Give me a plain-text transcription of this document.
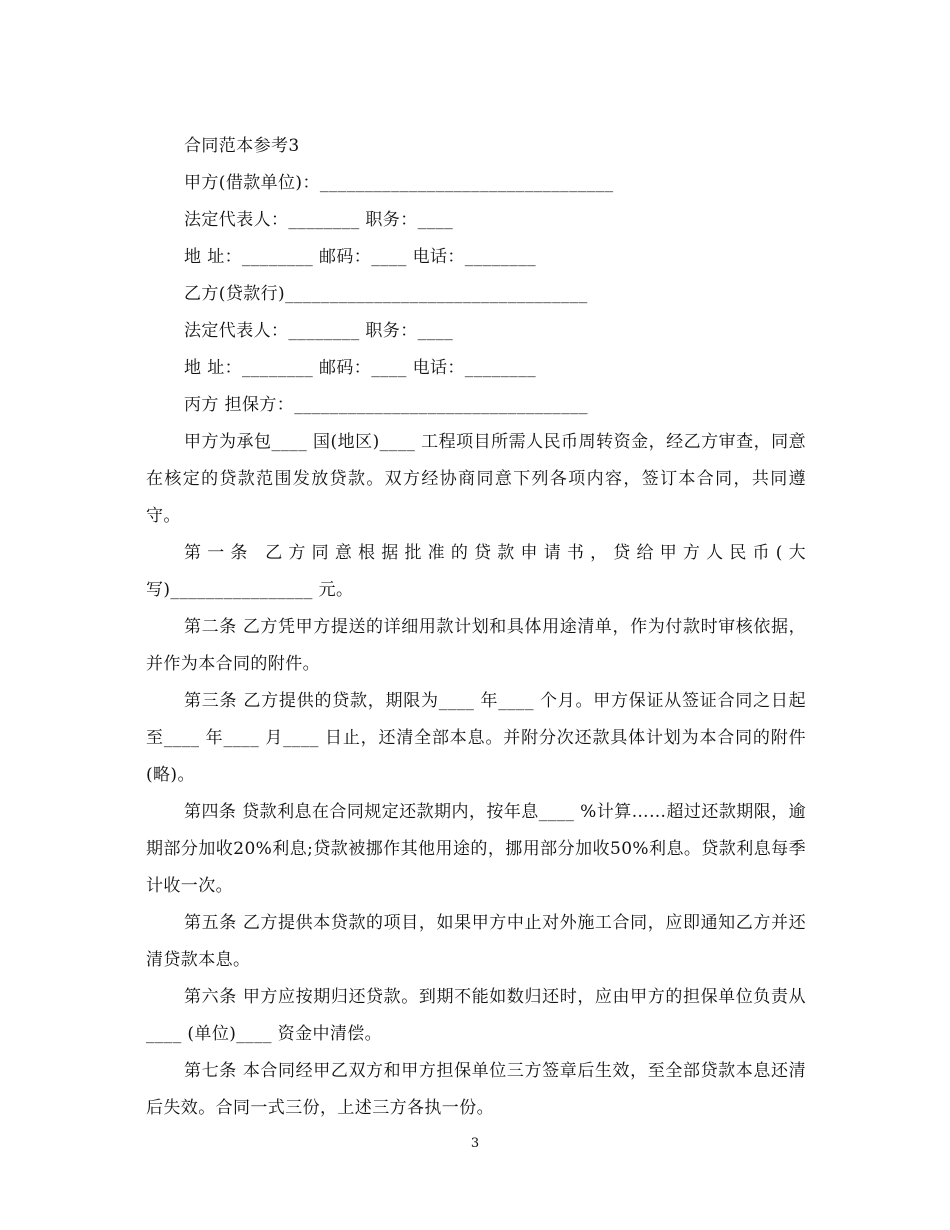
合同范本参考3
甲方(借款单位)：_________________________________
法定代表人：________ 职务：____
地 址：________ 邮码：____ 电话：________
乙方(贷款行)__________________________________
法定代表人：________ 职务：____
地 址：________ 邮码：____ 电话：________
丙方 担保方：_________________________________

甲方为承包____ 国(地区)____ 工程项目所需人民币周转资金，经乙方审查，同意在核定的贷款范围发放贷款。双方经协商同意下列各项内容，签订本合同，共同遵守。

第一条 乙方同意根据批准的贷款申请书，贷给甲方人民币(大写)________________ 元。

第二条 乙方凭甲方提送的详细用款计划和具体用途清单，作为付款时审核依据，并作为本合同的附件。

第三条 乙方提供的贷款，期限为____ 年____ 个月。甲方保证从签证合同之日起至____ 年____ 月____ 日止，还清全部本息。并附分次还款具体计划为本合同的附件(略)。

第四条 贷款利息在合同规定还款期内，按年息____ %计算……超过还款期限，逾期部分加收20%利息;贷款被挪作其他用途的，挪用部分加收50%利息。贷款利息每季计收一次。

第五条 乙方提供本贷款的项目，如果甲方中止对外施工合同，应即通知乙方并还清贷款本息。

第六条 甲方应按期归还贷款。到期不能如数归还时，应由甲方的担保单位负责从____ (单位)____ 资金中清偿。

第七条 本合同经甲乙双方和甲方担保单位三方签章后生效，至全部贷款本息还清后失效。合同一式三份，上述三方各执一份。

3
